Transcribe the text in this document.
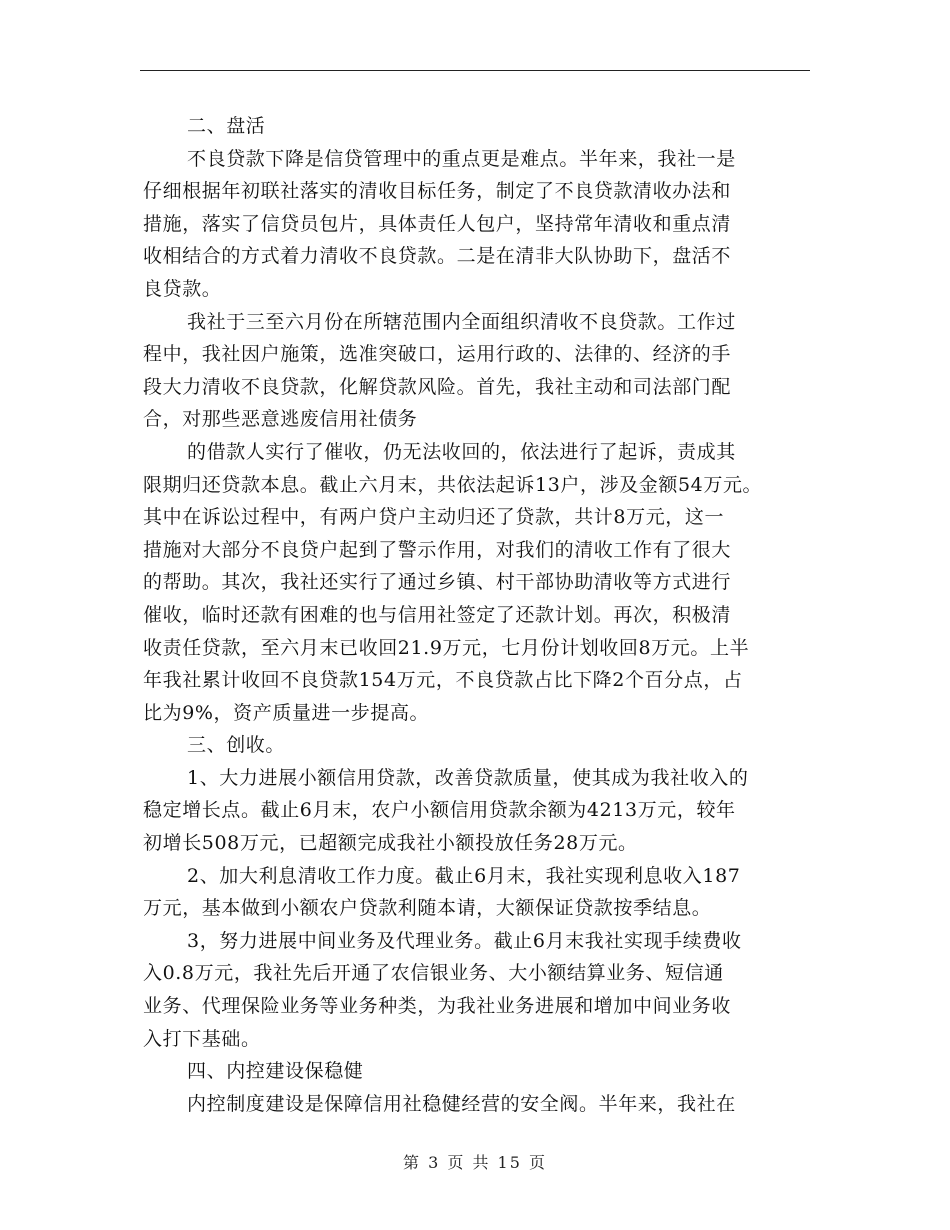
二、盘活
不良贷款下降是信贷管理中的重点更是难点。半年来，我社一是
仔细根据年初联社落实的清收目标任务，制定了不良贷款清收办法和
措施，落实了信贷员包片，具体责任人包户，坚持常年清收和重点清
收相结合的方式着力清收不良贷款。二是在清非大队协助下，盘活不
良贷款。
我社于三至六月份在所辖范围内全面组织清收不良贷款。工作过
程中，我社因户施策，选准突破口，运用行政的、法律的、经济的手
段大力清收不良贷款，化解贷款风险。首先，我社主动和司法部门配
合，对那些恶意逃废信用社债务
的借款人实行了催收，仍无法收回的，依法进行了起诉，责成其
限期归还贷款本息。截止六月末，共依法起诉13户，涉及金额54万元。
其中在诉讼过程中，有两户贷户主动归还了贷款，共计8万元，这一
措施对大部分不良贷户起到了警示作用，对我们的清收工作有了很大
的帮助。其次，我社还实行了通过乡镇、村干部协助清收等方式进行
催收，临时还款有困难的也与信用社签定了还款计划。再次，积极清
收责任贷款，至六月末已收回21.9万元，七月份计划收回8万元。上半
年我社累计收回不良贷款154万元，不良贷款占比下降2个百分点，占
比为9%，资产质量进一步提高。
三、创收。
1、大力进展小额信用贷款，改善贷款质量，使其成为我社收入的
稳定增长点。截止6月末，农户小额信用贷款余额为4213万元，较年
初增长508万元，已超额完成我社小额投放任务28万元。
2、加大利息清收工作力度。截止6月末，我社实现利息收入187
万元，基本做到小额农户贷款利随本请，大额保证贷款按季结息。
3，努力进展中间业务及代理业务。截止6月末我社实现手续费收
入0.8万元，我社先后开通了农信银业务、大小额结算业务、短信通
业务、代理保险业务等业务种类，为我社业务进展和增加中间业务收
入打下基础。
四、内控建设保稳健
内控制度建设是保障信用社稳健经营的安全阀。半年来，我社在
第 3 页 共 15 页
